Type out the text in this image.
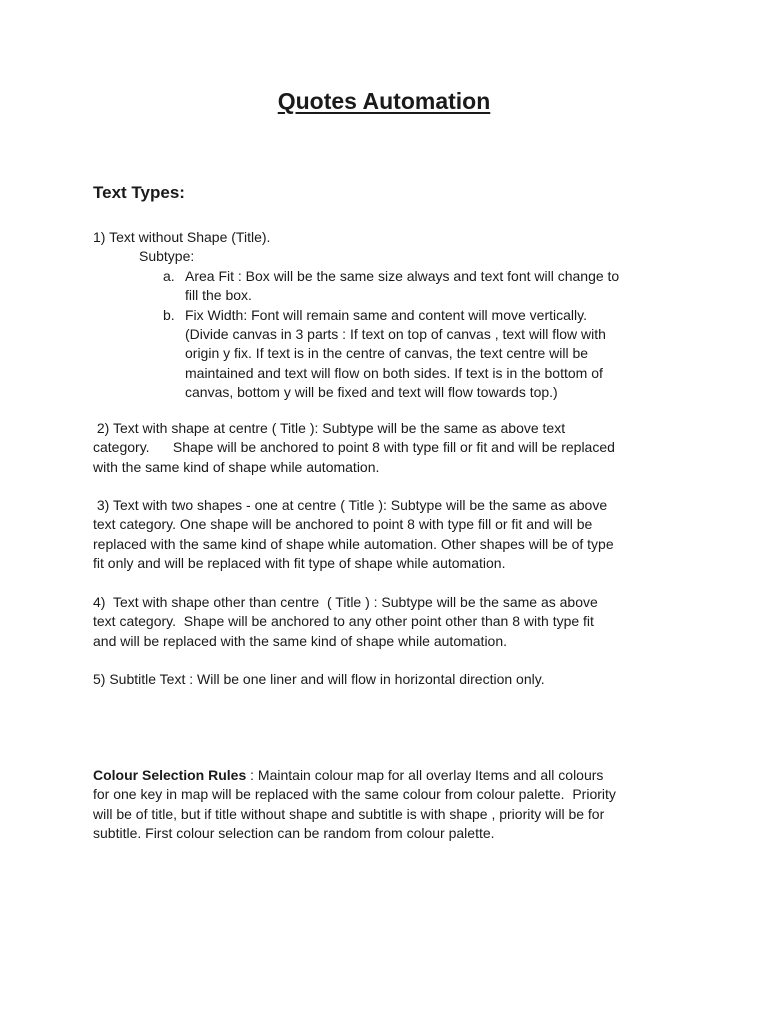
Quotes Automation
Text Types:
1) Text without Shape (Title).
Subtype:
a. Area Fit : Box will be the same size always and text font will change to
fill the box.
b. Fix Width: Font will remain same and content will move vertically.
(Divide canvas in 3 parts : If text on top of canvas , text will flow with
origin y fix. If text is in the centre of canvas, the text centre will be
maintained and text will flow on both sides. If text is in the bottom of
canvas, bottom y will be fixed and text will flow towards top.)
2) Text with shape at centre ( Title ): Subtype will be the same as above text
category.      Shape will be anchored to point 8 with type fill or fit and will be replaced
with the same kind of shape while automation.
3) Text with two shapes - one at centre ( Title ): Subtype will be the same as above
text category. One shape will be anchored to point 8 with type fill or fit and will be
replaced with the same kind of shape while automation. Other shapes will be of type
fit only and will be replaced with fit type of shape while automation.
4)  Text with shape other than centre  ( Title ) : Subtype will be the same as above
text category.  Shape will be anchored to any other point other than 8 with type fit
and will be replaced with the same kind of shape while automation.
5) Subtitle Text : Will be one liner and will flow in horizontal direction only.
Colour Selection Rules : Maintain colour map for all overlay Items and all colours
for one key in map will be replaced with the same colour from colour palette.  Priority
will be of title, but if title without shape and subtitle is with shape , priority will be for
subtitle. First colour selection can be random from colour palette.
